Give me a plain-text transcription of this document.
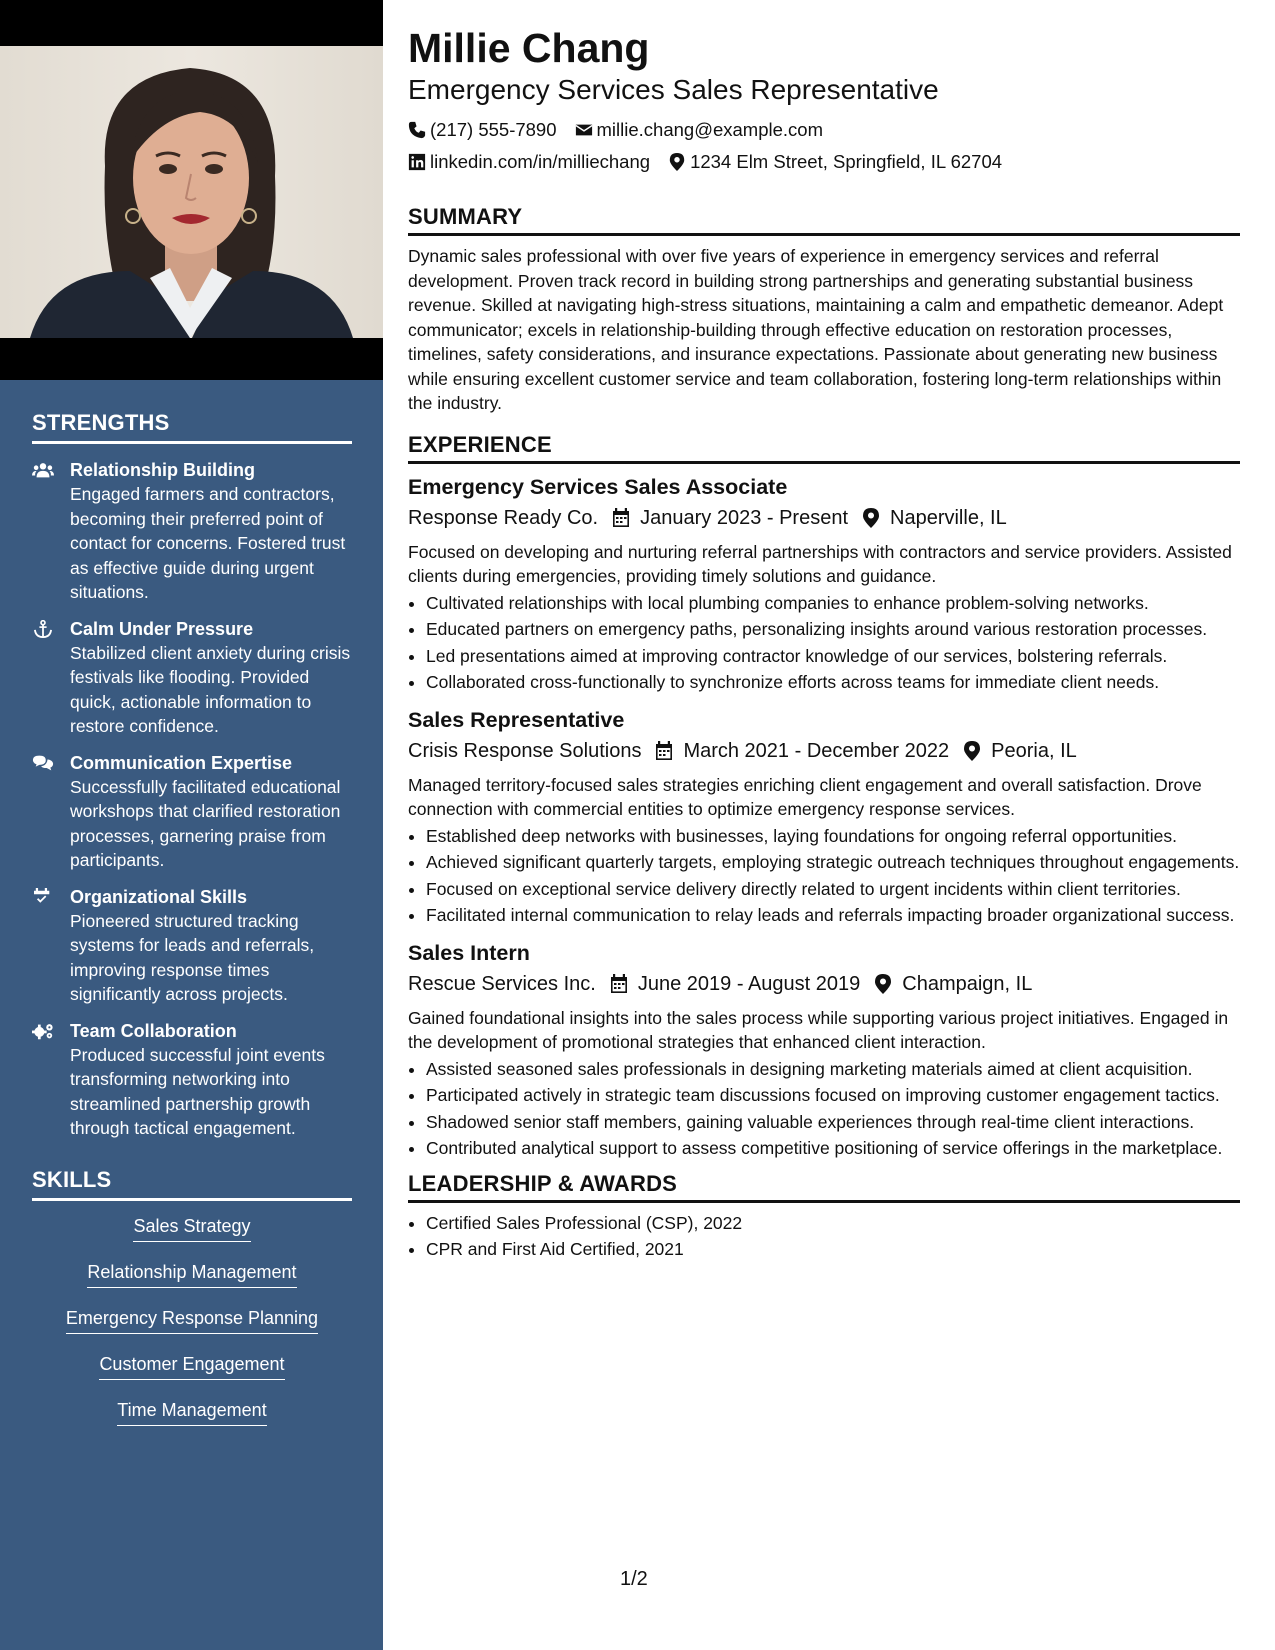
STRENGTHS
Relationship Building
Engaged farmers and contractors, becoming their preferred point of contact for concerns. Fostered trust as effective guide during urgent situations.
Calm Under Pressure
Stabilized client anxiety during crisis festivals like flooding. Provided quick, actionable information to restore confidence.
Communication Expertise
Successfully facilitated educational workshops that clarified restoration processes, garnering praise from participants.
Organizational Skills
Pioneered structured tracking systems for leads and referrals, improving response times significantly across projects.
Team Collaboration
Produced successful joint events transforming networking into streamlined partnership growth through tactical engagement.
SKILLS
Sales Strategy
Relationship Management
Emergency Response Planning
Customer Engagement
Time Management
Millie Chang
Emergency Services Sales Representative
(217) 555-7890 millie.chang@example.com
linkedin.com/in/milliechang 1234 Elm Street, Springfield, IL 62704
SUMMARY

Dynamic sales professional with over five years of experience in emergency services and referral development. Proven track record in building strong partnerships and generating substantial business revenue. Skilled at navigating high-stress situations, maintaining a calm and empathetic demeanor. Adept communicator; excels in relationship-building through effective education on restoration processes, timelines, safety considerations, and insurance expectations. Passionate about generating new business while ensuring excellent customer service and team collaboration, fostering long-term relationships within the industry.

EXPERIENCE
Emergency Services Sales Associate
Response Ready Co. January 2023 - Present Naperville, IL

Focused on developing and nurturing referral partnerships with contractors and service providers. Assisted clients during emergencies, providing timely solutions and guidance.

• Cultivated relationships with local plumbing companies to enhance problem-solving networks.
• Educated partners on emergency paths, personalizing insights around various restoration processes.
• Led presentations aimed at improving contractor knowledge of our services, bolstering referrals.
• Collaborated cross-functionally to synchronize efforts across teams for immediate client needs.
Sales Representative
Crisis Response Solutions March 2021 - December 2022 Peoria, IL

Managed territory-focused sales strategies enriching client engagement and overall satisfaction. Drove connection with commercial entities to optimize emergency response services.

• Established deep networks with businesses, laying foundations for ongoing referral opportunities.
• Achieved significant quarterly targets, employing strategic outreach techniques throughout engagements.
• Focused on exceptional service delivery directly related to urgent incidents within client territories.
• Facilitated internal communication to relay leads and referrals impacting broader organizational success.
Sales Intern
Rescue Services Inc. June 2019 - August 2019 Champaign, IL

Gained foundational insights into the sales process while supporting various project initiatives. Engaged in the development of promotional strategies that enhanced client interaction.

• Assisted seasoned sales professionals in designing marketing materials aimed at client acquisition.
• Participated actively in strategic team discussions focused on improving customer engagement tactics.
• Shadowed senior staff members, gaining valuable experiences through real-time client interactions.
• Contributed analytical support to assess competitive positioning of service offerings in the marketplace.
LEADERSHIP & AWARDS
• Certified Sales Professional (CSP), 2022
• CPR and First Aid Certified, 2021
1/2
